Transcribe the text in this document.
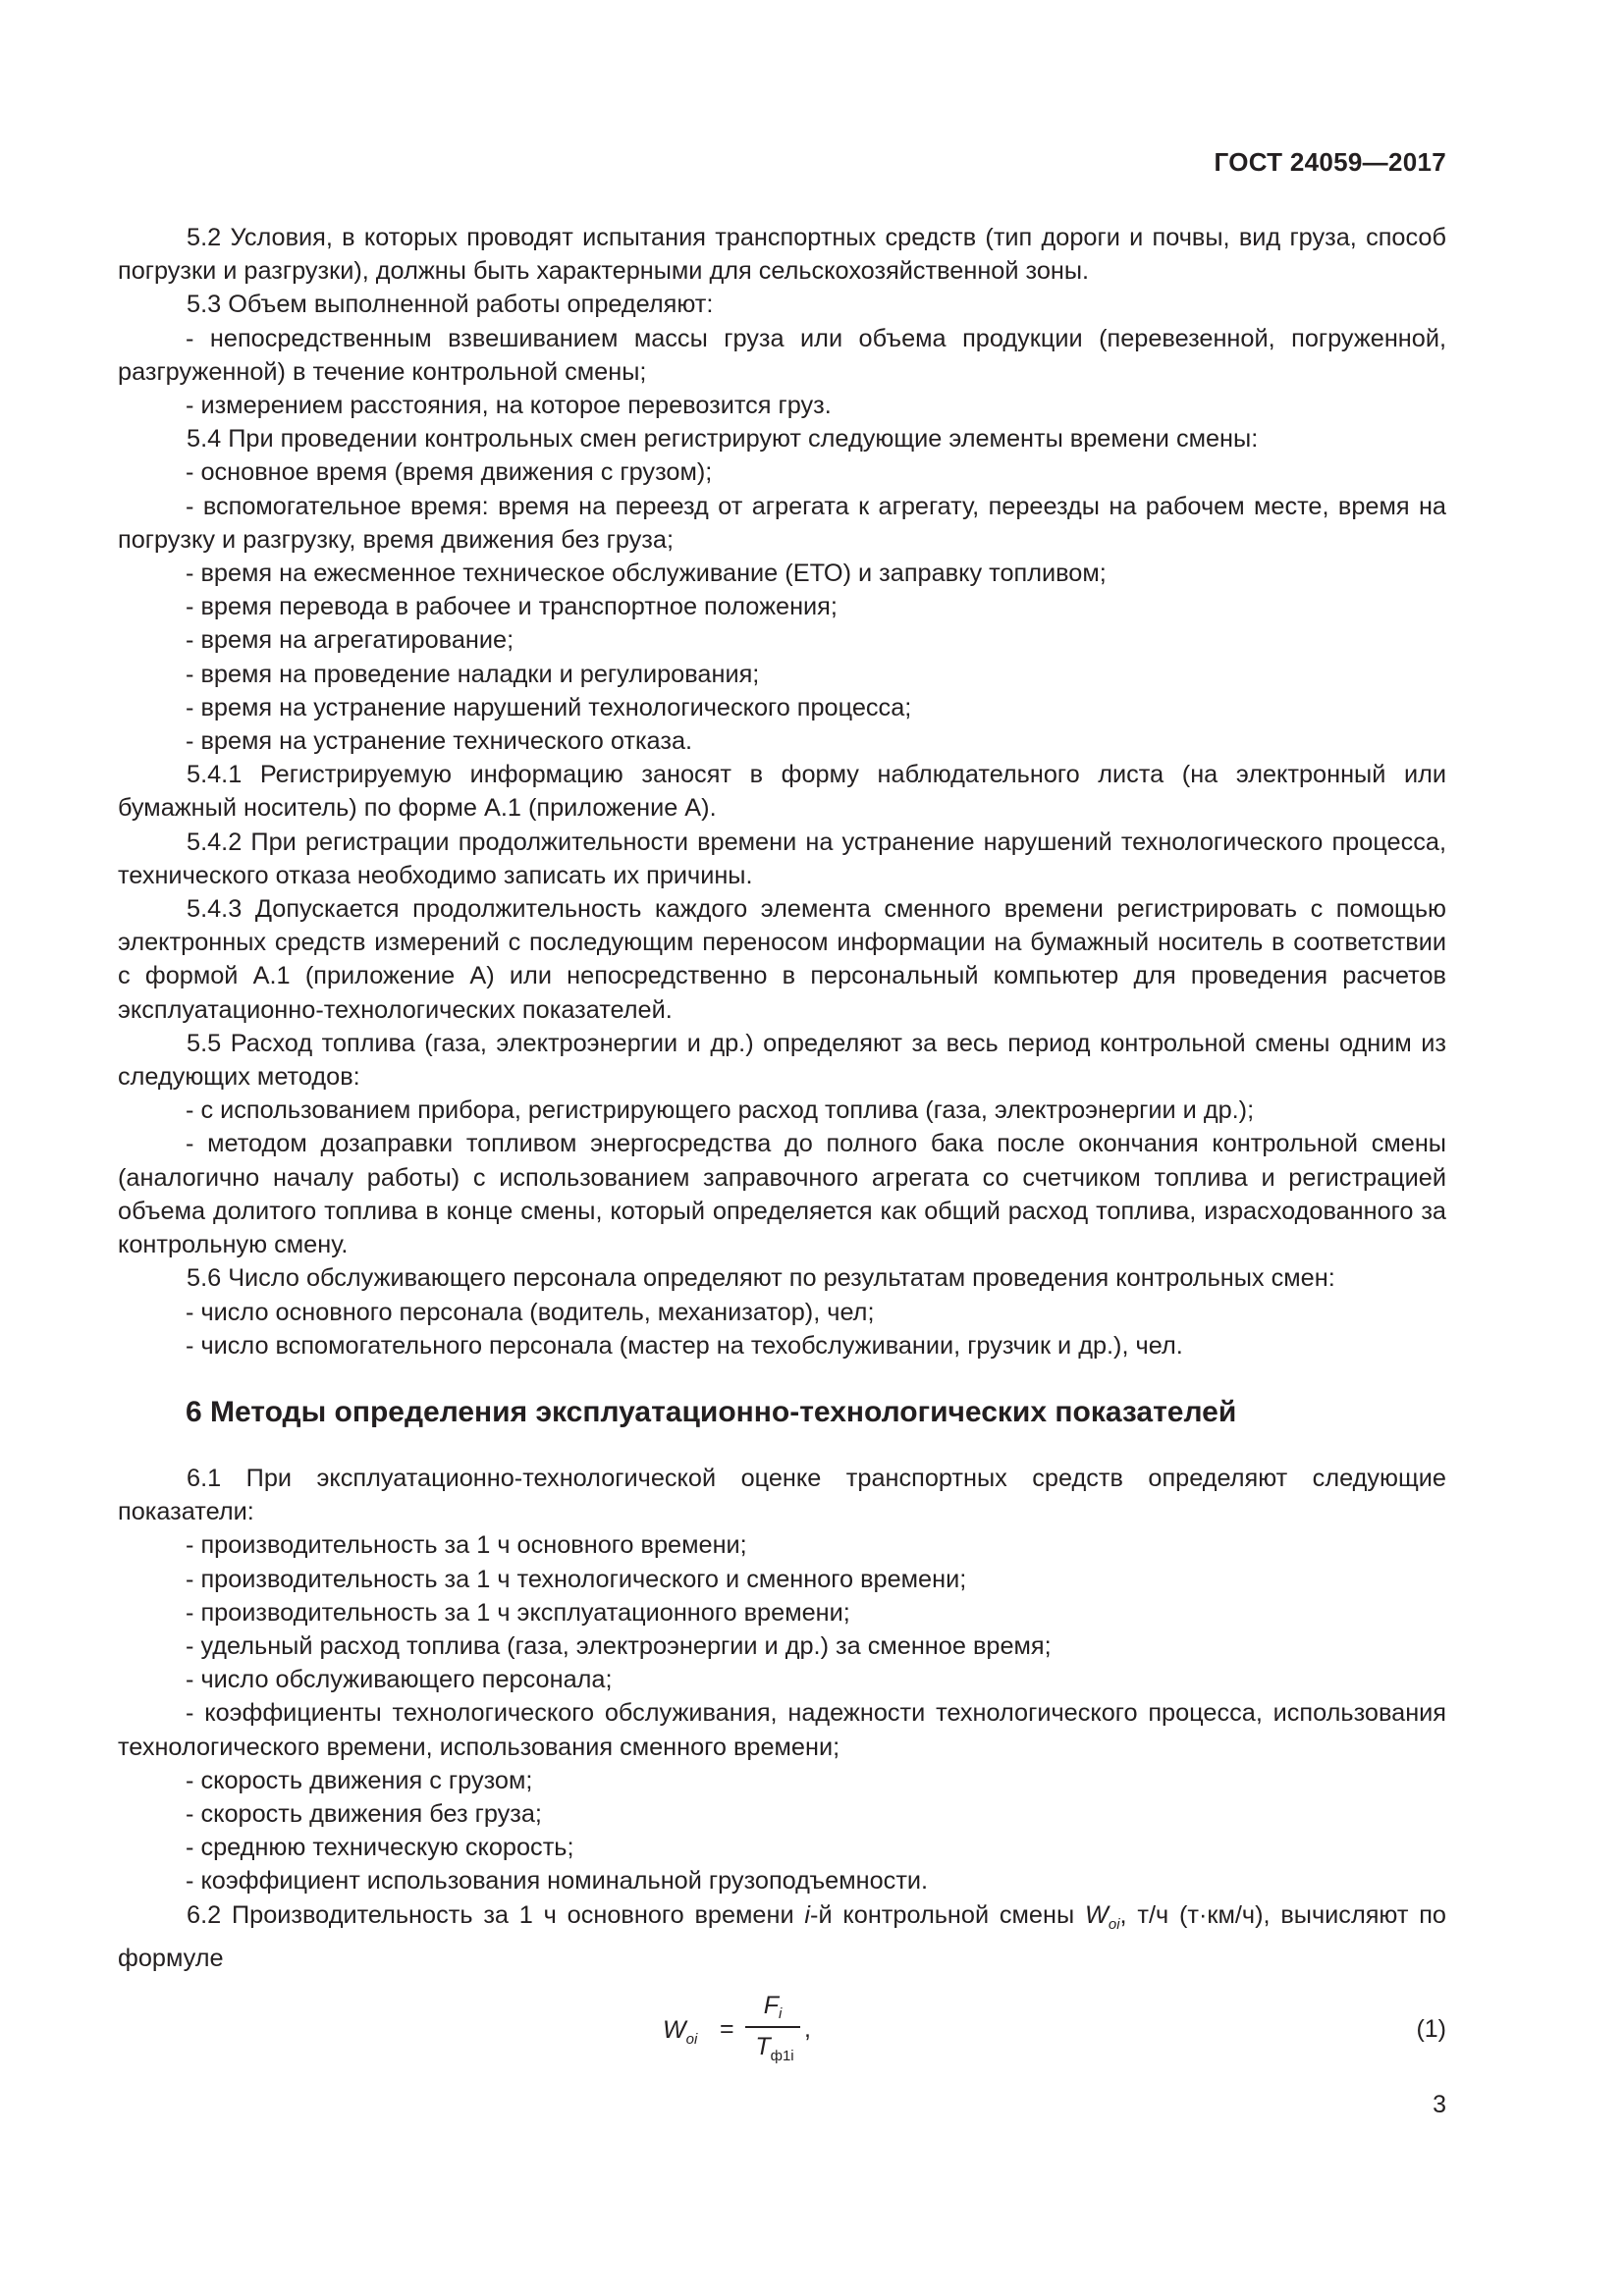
ГОСТ 24059—2017

5.2 Условия, в которых проводят испытания транспортных средств (тип дороги и почвы, вид груза, способ погрузки и разгрузки), должны быть характерными для сельскохозяйственной зоны.

5.3 Объем выполненной работы определяют:

- непосредственным взвешиванием массы груза или объема продукции (перевезенной, погруженной, разгруженной) в течение контрольной смены;

- измерением расстояния, на которое перевозится груз.

5.4 При проведении контрольных смен регистрируют следующие элементы времени смены:

- основное время (время движения с грузом);

- вспомогательное время: время на переезд от агрегата к агрегату, переезды на рабочем месте, время на погрузку и разгрузку, время движения без груза;

- время на ежесменное техническое обслуживание (ЕТО) и заправку топливом;

- время перевода в рабочее и транспортное положения;

- время на агрегатирование;

- время на проведение наладки и регулирования;

- время на устранение нарушений технологического процесса;

- время на устранение технического отказа.

5.4.1 Регистрируемую информацию заносят в форму наблюдательного листа (на электронный или бумажный носитель) по форме А.1 (приложение А).

5.4.2 При регистрации продолжительности времени на устранение нарушений технологического процесса, технического отказа необходимо записать их причины.

5.4.3 Допускается продолжительность каждого элемента сменного времени регистрировать с помощью электронных средств измерений с последующим переносом информации на бумажный носитель в соответствии с формой А.1 (приложение А) или непосредственно в персональный компьютер для проведения расчетов эксплуатационно-технологических показателей.

5.5 Расход топлива (газа, электроэнергии и др.) определяют за весь период контрольной смены одним из следующих методов:

- с использованием прибора, регистрирующего расход топлива (газа, электроэнергии и др.);

- методом дозаправки топливом энергосредства до полного бака после окончания контрольной смены (аналогично началу работы) с использованием заправочного агрегата со счетчиком топлива и регистрацией объема долитого топлива в конце смены, который определяется как общий расход топлива, израсходованного за контрольную смену.

5.6 Число обслуживающего персонала определяют по результатам проведения контрольных смен:

- число основного персонала (водитель, механизатор), чел;

- число вспомогательного персонала (мастер на техобслуживании, грузчик и др.), чел.

6 Методы определения эксплуатационно-технологических показателей

6.1 При эксплуатационно-технологической оценке транспортных средств определяют следующие показатели:

- производительность за 1 ч основного времени;

- производительность за 1 ч технологического и сменного времени;

- производительность за 1 ч эксплуатационного времени;

- удельный расход топлива (газа, электроэнергии и др.) за сменное время;

- число обслуживающего персонала;

- коэффициенты технологического обслуживания, надежности технологического процесса, использования технологического времени, использования сменного времени;

- скорость движения с грузом;

- скорость движения без груза;

- среднюю техническую скорость;

- коэффициент использования номинальной грузоподъемности.

6.2 Производительность за 1 ч основного времени i-й контрольной смены $W_{oi}$, т/ч (т·км/ч), вычисляют по формуле

$W_{oi}$ =
$F_i$
$T_{ф1i}$
,	(1)
3
